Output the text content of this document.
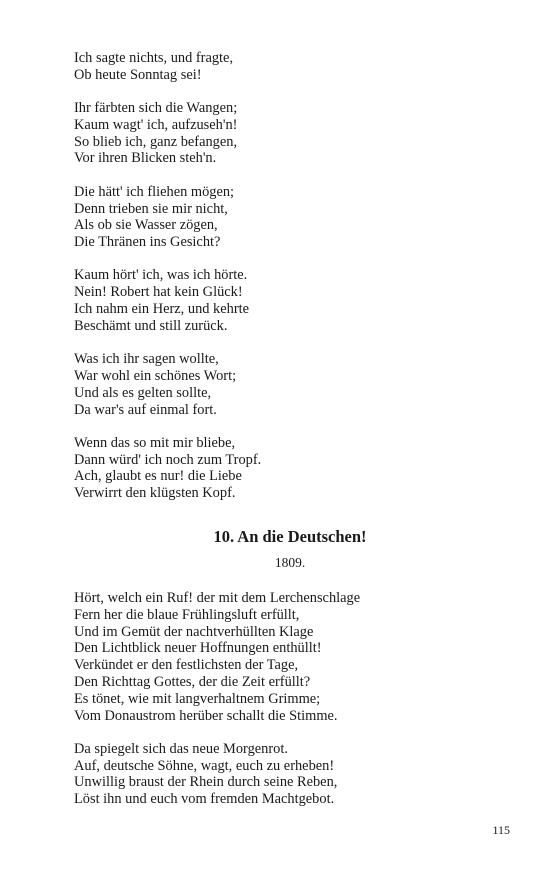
Ich sagte nichts, und fragte,
Ob heute Sonntag sei!
Ihr färbten sich die Wangen;
Kaum wagt' ich, aufzuseh'n!
So blieb ich, ganz befangen,
Vor ihren Blicken steh'n.
Die hätt' ich fliehen mögen;
Denn trieben sie mir nicht,
Als ob sie Wasser zögen,
Die Thränen ins Gesicht?
Kaum hört' ich, was ich hörte.
Nein! Robert hat kein Glück!
Ich nahm ein Herz, und kehrte
Beschämt und still zurück.
Was ich ihr sagen wollte,
War wohl ein schönes Wort;
Und als es gelten sollte,
Da war's auf einmal fort.
Wenn das so mit mir bliebe,
Dann würd' ich noch zum Tropf.
Ach, glaubt es nur! die Liebe
Verwirrt den klügsten Kopf.
10. An die Deutschen!
1809.
Hört, welch ein Ruf! der mit dem Lerchenschlage
Fern her die blaue Frühlingsluft erfüllt,
Und im Gemüt der nachtverhüllten Klage
Den Lichtblick neuer Hoffnungen enthüllt!
Verkündet er den festlichsten der Tage,
Den Richttag Gottes, der die Zeit erfüllt?
Es tönet, wie mit langverhaltnem Grimme;
Vom Donaustrom herüber schallt die Stimme.
Da spiegelt sich das neue Morgenrot.
Auf, deutsche Söhne, wagt, euch zu erheben!
Unwillig braust der Rhein durch seine Reben,
Löst ihn und euch vom fremden Machtgebot.
115
